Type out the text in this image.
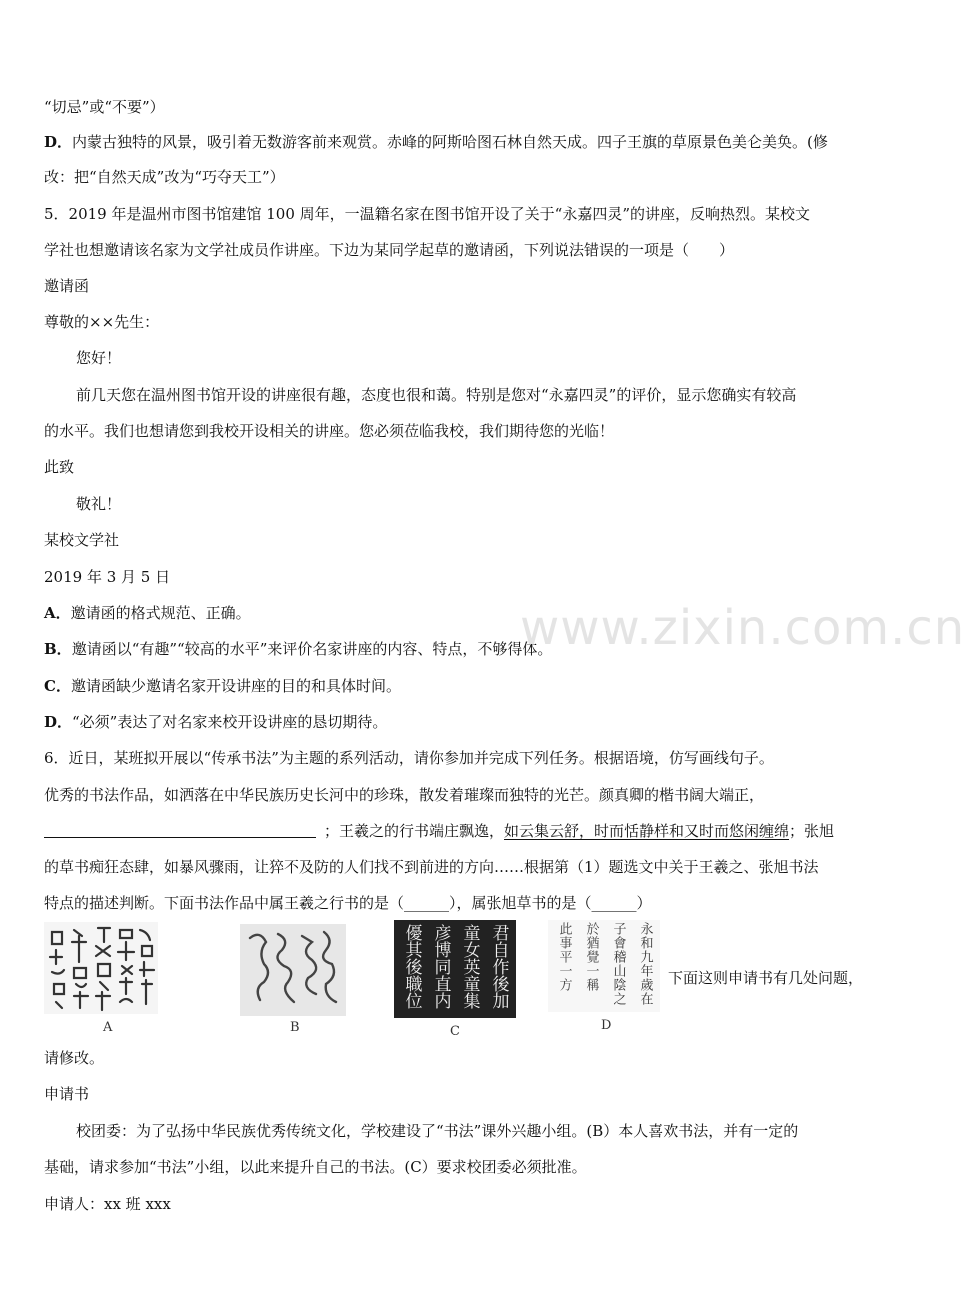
“切忌”或“不要”）
D．内蒙古独特的风景，吸引着无数游客前来观赏。赤峰的阿斯哈图石林自然天成。四子王旗的草原景色美仑美奂。(修
改：把“自然天成”改为“巧夺天工”）
5．2019 年是温州市图书馆建馆 100 周年，一温籍名家在图书馆开设了关于“永嘉四灵”的讲座，反响热烈。某校文
学社也想邀请该名家为文学社成员作讲座。下边为某同学起草的邀请函，下列说法错误的一项是（　　）
邀请函
尊敬的××先生：
您好！
前几天您在温州图书馆开设的讲座很有趣，态度也很和蔼。特别是您对“永嘉四灵”的评价，显示您确实有较高
的水平。我们也想请您到我校开设相关的讲座。您必须莅临我校，我们期待您的光临！
此致
敬礼！
某校文学社
2019 年 3 月 5 日
A．邀请函的格式规范、正确。
B．邀请函以“有趣”“较高的水平”来评价名家讲座的内容、特点，不够得体。
C．邀请函缺少邀请名家开设讲座的目的和具体时间。
D．“必须”表达了对名家来校开设讲座的恳切期待。
6．近日，某班拟开展以“传承书法”为主题的系列活动，请你参加并完成下列任务。根据语境，仿写画线句子。
优秀的书法作品，如洒落在中华民族历史长河中的珍珠，散发着璀璨而独特的光芒。颜真卿的楷书阔大端正，
；王羲之的行书端庄飘逸，如云集云舒，时而恬静样和又时而悠闲缠绵；张旭
的草书痴狂态肆，如暴风骤雨，让猝不及防的人们找不到前进的方向……根据第（1）题选文中关于王羲之、张旭书法
特点的描述判断。下面书法作品中属王羲之行书的是（______），属张旭草书的是（______）
君自作後加
童女英童集
彦博同直内
優其後職位	永和九年歲在
子會稽山陰之
於猶覺一稱
此事平一方
A	B	C	D
下面这则申请书有几处问题，
请修改。
申请书
校团委：为了弘扬中华民族优秀传统文化，学校建设了“书法”课外兴趣小组。(B）本人喜欢书法，并有一定的
基础，请求参加“书法”小组，以此来提升自己的书法。(C）要求校团委必须批准。
申请人：xx 班 xxx
www.zixin.com.cn
